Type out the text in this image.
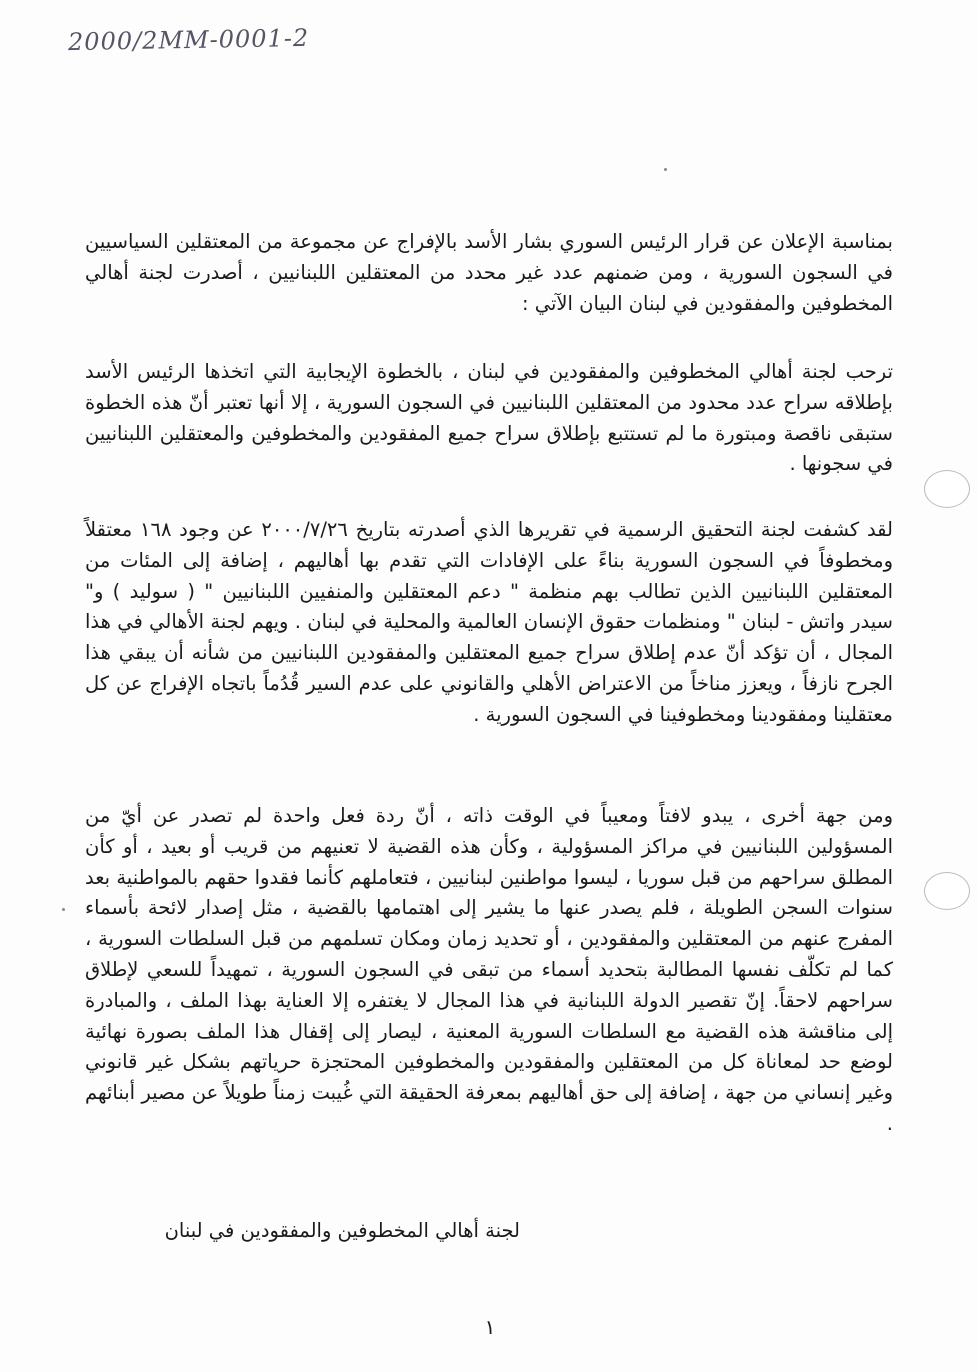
2000/2MM-0001-2

بمناسبة الإعلان عن قرار الرئيس السوري بشار الأسد بالإفراج عن مجموعة من المعتقلين السياسيين في السجون السورية ، ومن ضمنهم عدد غير محدد من المعتقلين اللبنانيين ، أصدرت لجنة أهالي المخطوفين والمفقودين في لبنان البيان الآتي :

ترحب لجنة أهالي المخطوفين والمفقودين في لبنان ، بالخطوة الإيجابية التي اتخذها الرئيس الأسد بإطلاقه سراح عدد محدود من المعتقلين اللبنانيين في السجون السورية ، إلا أنها تعتبر أنّ هذه الخطوة ستبقى ناقصة ومبتورة ما لم تستتبع بإطلاق سراح جميع المفقودين والمخطوفين والمعتقلين اللبنانيين في سجونها .

لقد كشفت لجنة التحقيق الرسمية في تقريرها الذي أصدرته بتاريخ ٢٠٠٠/٧/٢٦ عن وجود ١٦٨ معتقلاً ومخطوفاً في السجون السورية بناءً على الإفادات التي تقدم بها أهاليهم ، إضافة إلى المئات من المعتقلين اللبنانيين الذين تطالب بهم منظمة " دعم المعتقلين والمنفيين اللبنانيين " ( سوليد ) و" سيدر واتش - لبنان " ومنظمات حقوق الإنسان العالمية والمحلية في لبنان . ويهم لجنة الأهالي في هذا المجال ، أن تؤكد أنّ عدم إطلاق سراح جميع المعتقلين والمفقودين اللبنانيين من شأنه أن يبقي هذا الجرح نازفاً ، ويعزز مناخاً من الاعتراض الأهلي والقانوني على عدم السير قُدُماً باتجاه الإفراج عن كل معتقلينا ومفقودينا ومخطوفينا في السجون السورية .

ومن جهة أخرى ، يبدو لافتاً ومعيباً في الوقت ذاته ، أنّ ردة فعل واحدة لم تصدر عن أيّ من المسؤولين اللبنانيين في مراكز المسؤولية ، وكأن هذه القضية لا تعنيهم من قريب أو بعيد ، أو كأن المطلق سراحهم من قبل سوريا ، ليسوا مواطنين لبنانيين ، فتعاملهم كأنما فقدوا حقهم بالمواطنية بعد سنوات السجن الطويلة ، فلم يصدر عنها ما يشير إلى اهتمامها بالقضية ، مثل إصدار لائحة بأسماء المفرج عنهم من المعتقلين والمفقودين ، أو تحديد زمان ومكان تسلمهم من قبل السلطات السورية ، كما لم تكلّف نفسها المطالبة بتحديد أسماء من تبقى في السجون السورية ، تمهيداً للسعي لإطلاق سراحهم لاحقاً. إنّ تقصير الدولة اللبنانية في هذا المجال لا يغتفره إلا العناية بهذا الملف ، والمبادرة إلى مناقشة هذه القضية مع السلطات السورية المعنية ، ليصار إلى إقفال هذا الملف بصورة نهائية لوضع حد لمعاناة كل من المعتقلين والمفقودين والمخطوفين المحتجزة حرياتهم بشكل غير قانوني وغير إنساني من جهة ، إضافة إلى حق أهاليهم بمعرفة الحقيقة التي غُيبت زمناً طويلاً عن مصير أبنائهم .

لجنة أهالي المخطوفين والمفقودين في لبنان
١
